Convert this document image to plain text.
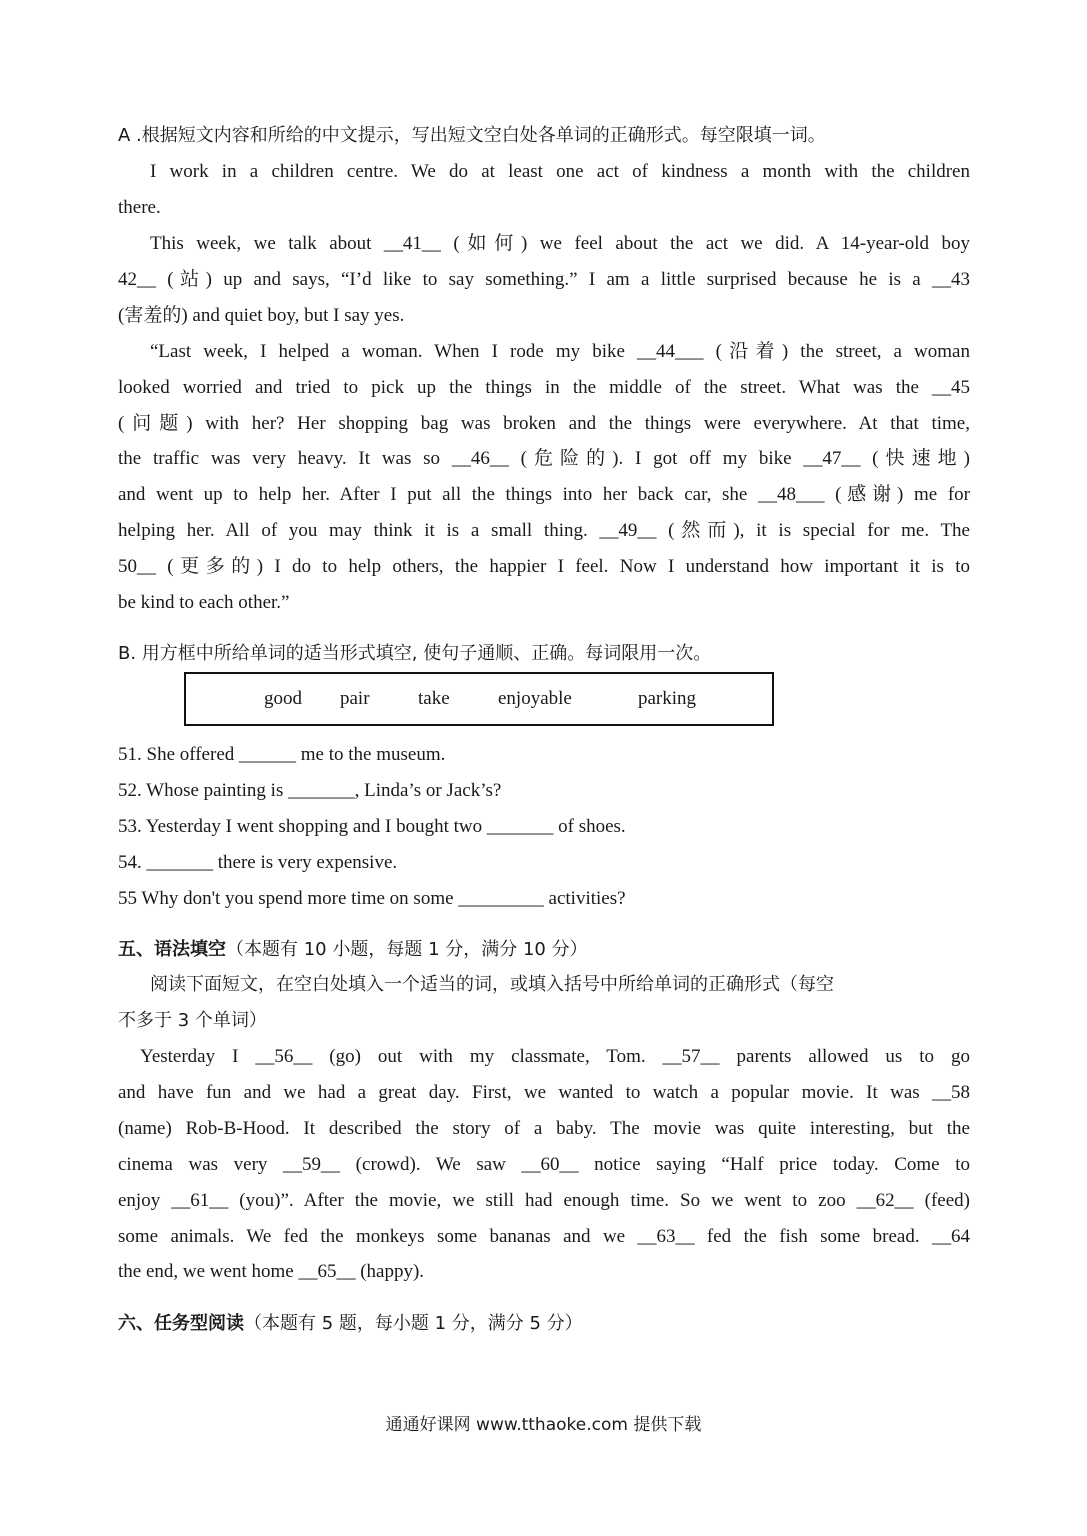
A .根据短文内容和所给的中文提示，写出短文空白处各单词的正确形式。每空限填一词。
I work in a children centre. We do at least one act of kindness a month with the children
there.
This week, we talk about __41__ (如何) we feel about the act we did. A 14-year-old boy
42__ (站) up and says, “I’d like to say something.” I am a little surprised because he is a __43
(害羞的) and quiet boy, but I say yes.
“Last week, I helped a woman. When I rode my bike __44___ (沿着) the street, a woman
looked worried and tried to pick up the things in the middle of the street. What was the __45
(问题) with her? Her shopping bag was broken and the things were everywhere. At that time,
the traffic was very heavy. It was so __46__ (危险的). I got off my bike __47__ (快速地)
and went up to help her. After I put all the things into her back car, she __48___ (感谢) me for
helping her. All of you may think it is a small thing. __49__ (然而), it is special for me. The
50__ (更多的) I do to help others, the happier I feel. Now I understand how important it is to
be kind to each other.”
B. 用方框中所给单词的适当形式填空, 使句子通顺、正确。每词限用一次。
good pair	take	enjoyable	parking
51. She offered ______ me to the museum.
52. Whose painting is _______, Linda’s or Jack’s?
53. Yesterday I went shopping and I bought two _______ of shoes.
54. _______ there is very expensive.
55 Why don't you spend more time on some _________ activities?
五、语法填空（本题有 10 小题，每题 1 分，满分 10 分）
阅读下面短文，在空白处填入一个适当的词，或填入括号中所给单词的正确形式（每空
不多于 3 个单词）
Yesterday I __56__ (go) out with my classmate, Tom. __57__ parents allowed us to go
and have fun and we had a great day. First, we wanted to watch a popular movie. It was __58
(name) Rob-B-Hood. It described the story of a baby. The movie was quite interesting, but the
cinema was very __59__ (crowd). We saw __60__ notice saying “Half price today. Come to
enjoy __61__ (you)”. After the movie, we still had enough time. So we went to zoo __62__ (feed)
some animals. We fed the monkeys some bananas and we __63__ fed the fish some bread. __64
the end, we went home __65__ (happy).
六、任务型阅读（本题有 5 题，每小题 1 分，满分 5 分）
通通好课网 www.tthaoke.com 提供下载
